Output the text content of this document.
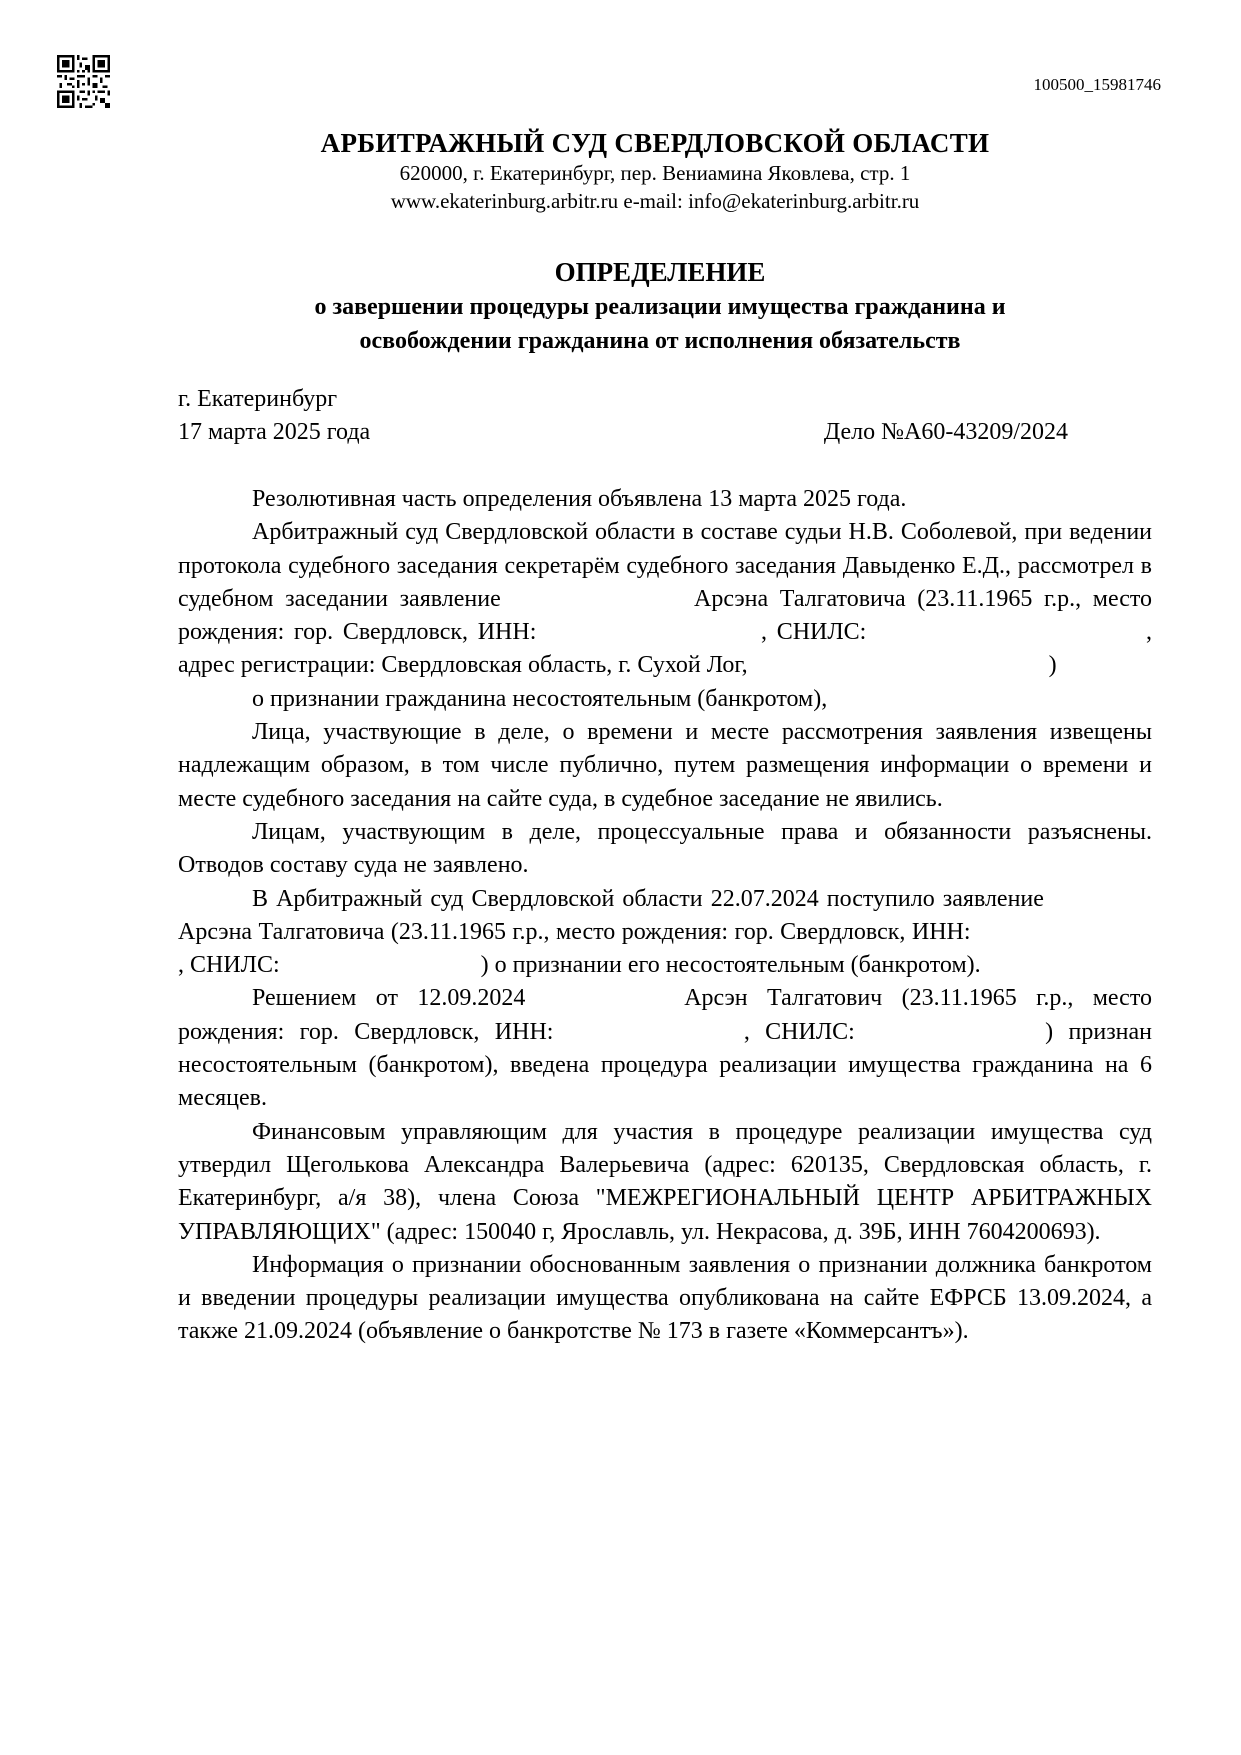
100500_15981746
АРБИТРАЖНЫЙ СУД СВЕРДЛОВСКОЙ ОБЛАСТИ
620000, г. Екатеринбург, пер. Вениамина Яковлева, стр. 1
www.ekaterinburg.arbitr.ru e-mail: info@ekaterinburg.arbitr.ru
ОПРЕДЕЛЕНИЕ
о завершении процедуры реализации имущества гражданина и
освобождении гражданина от исполнения обязательств
г. Екатеринбург
17 марта 2025 года	Дело №А60-43209/2024

Резолютивная часть определения объявлена 13 марта 2025 года.

Арбитражный суд Свердловской области в составе судьи Н.В. Соболевой, при ведении протокола судебного заседания секретарём судебного заседания Давыденко Е.Д., рассмотрел в судебном заседании заявление	Арсэна Талгатовича (23.11.1965 г.р., место рождения: гор. Свердловск, ИНН:	, СНИЛС:	, адрес регистрации: Свердловская область, г. Сухой Лог,	)

о признании гражданина несостоятельным (банкротом),

Лица, участвующие в деле, о времени и месте рассмотрения заявления извещены надлежащим образом, в том числе публично, путем размещения информации о времени и месте судебного заседания на сайте суда, в судебное заседание не явились.

Лицам, участвующим в деле, процессуальные права и обязанности разъяснены. Отводов составу суда не заявлено.

В Арбитражный суд Свердловской области 22.07.2024 поступило заявление  Арсэна Талгатовича (23.11.1965 г.р., место рождения: гор. Свердловск, ИНН: , СНИЛС:	) о признании его несостоятельным (банкротом).

Решением от 12.09.2024	Арсэн Талгатович (23.11.1965 г.р., место рождения: гор. Свердловск, ИНН:	, СНИЛС:	) признан несостоятельным (банкротом), введена процедура реализации имущества гражданина на 6 месяцев.

Финансовым управляющим для участия в процедуре реализации имущества суд утвердил Щеголькова Александра Валерьевича (адрес: 620135, Свердловская область, г. Екатеринбург, а/я 38), члена Союза "МЕЖРЕГИОНАЛЬНЫЙ ЦЕНТР АРБИТРАЖНЫХ УПРАВЛЯЮЩИХ" (адрес: 150040 г, Ярославль, ул. Некрасова, д. 39Б, ИНН 7604200693).

Информация о признании обоснованным заявления о признании должника банкротом и введении процедуры реализации имущества опубликована на сайте ЕФРСБ 13.09.2024, а также 21.09.2024 (объявление о банкротстве № 173 в газете «Коммерсантъ»).
